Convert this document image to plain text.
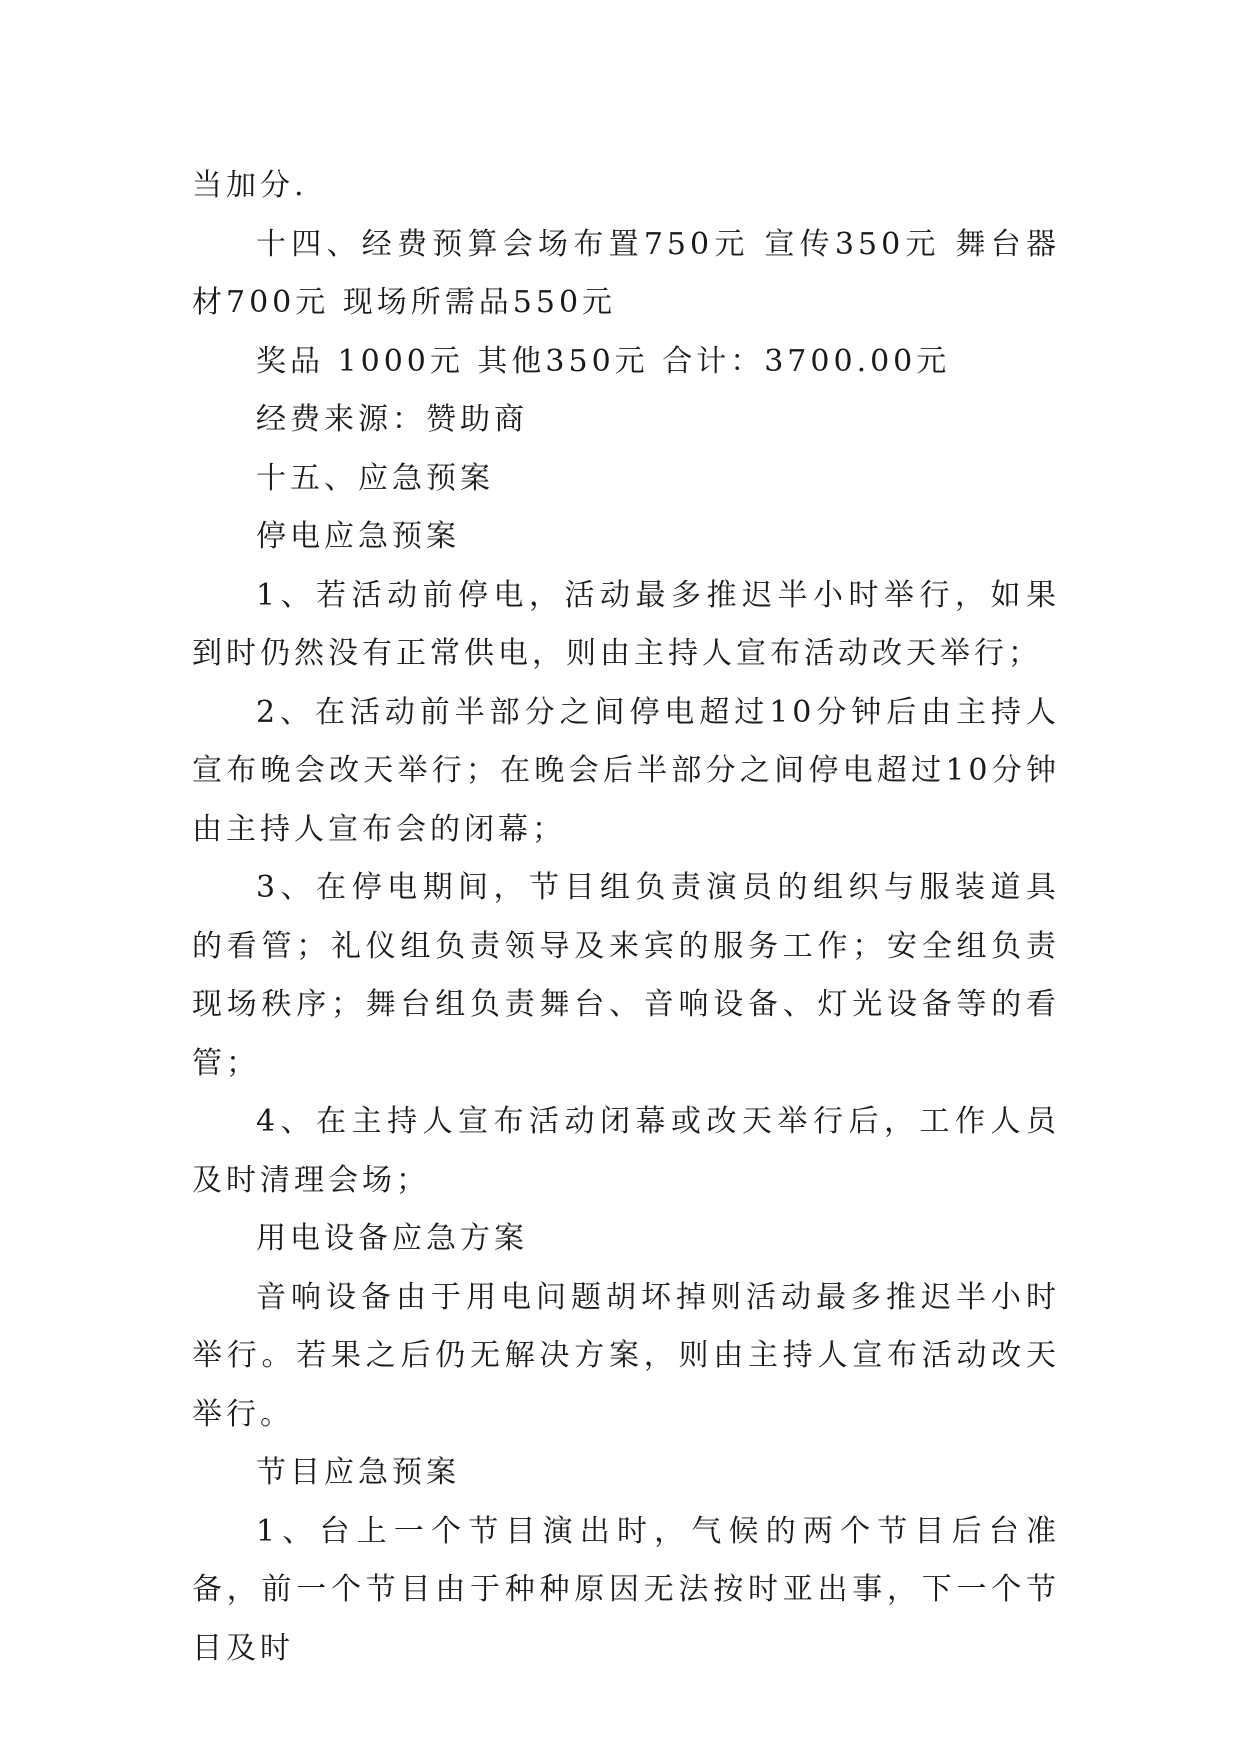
当加分.

十四、经费预算会场布置750元 宣传350元 舞台器材700元 现场所需品550元

奖品 1000元 其他350元 合计：3700.00元

经费来源：赞助商

十五、应急预案

停电应急预案

1、若活动前停电，活动最多推迟半小时举行，如果到时仍然没有正常供电，则由主持人宣布活动改天举行；

2、在活动前半部分之间停电超过10分钟后由主持人宣布晚会改天举行；在晚会后半部分之间停电超过10分钟由主持人宣布会的闭幕；

3、在停电期间，节目组负责演员的组织与服装道具的看管；礼仪组负责领导及来宾的服务工作；安全组负责现场秩序；舞台组负责舞台、音响设备、灯光设备等的看管；

4、在主持人宣布活动闭幕或改天举行后，工作人员及时清理会场；

用电设备应急方案

音响设备由于用电问题胡坏掉则活动最多推迟半小时举行。若果之后仍无解决方案，则由主持人宣布活动改天举行。

节目应急预案

1、台上一个节目演出时，气候的两个节目后台准备，前一个节目由于种种原因无法按时亚出事，下一个节目及时
